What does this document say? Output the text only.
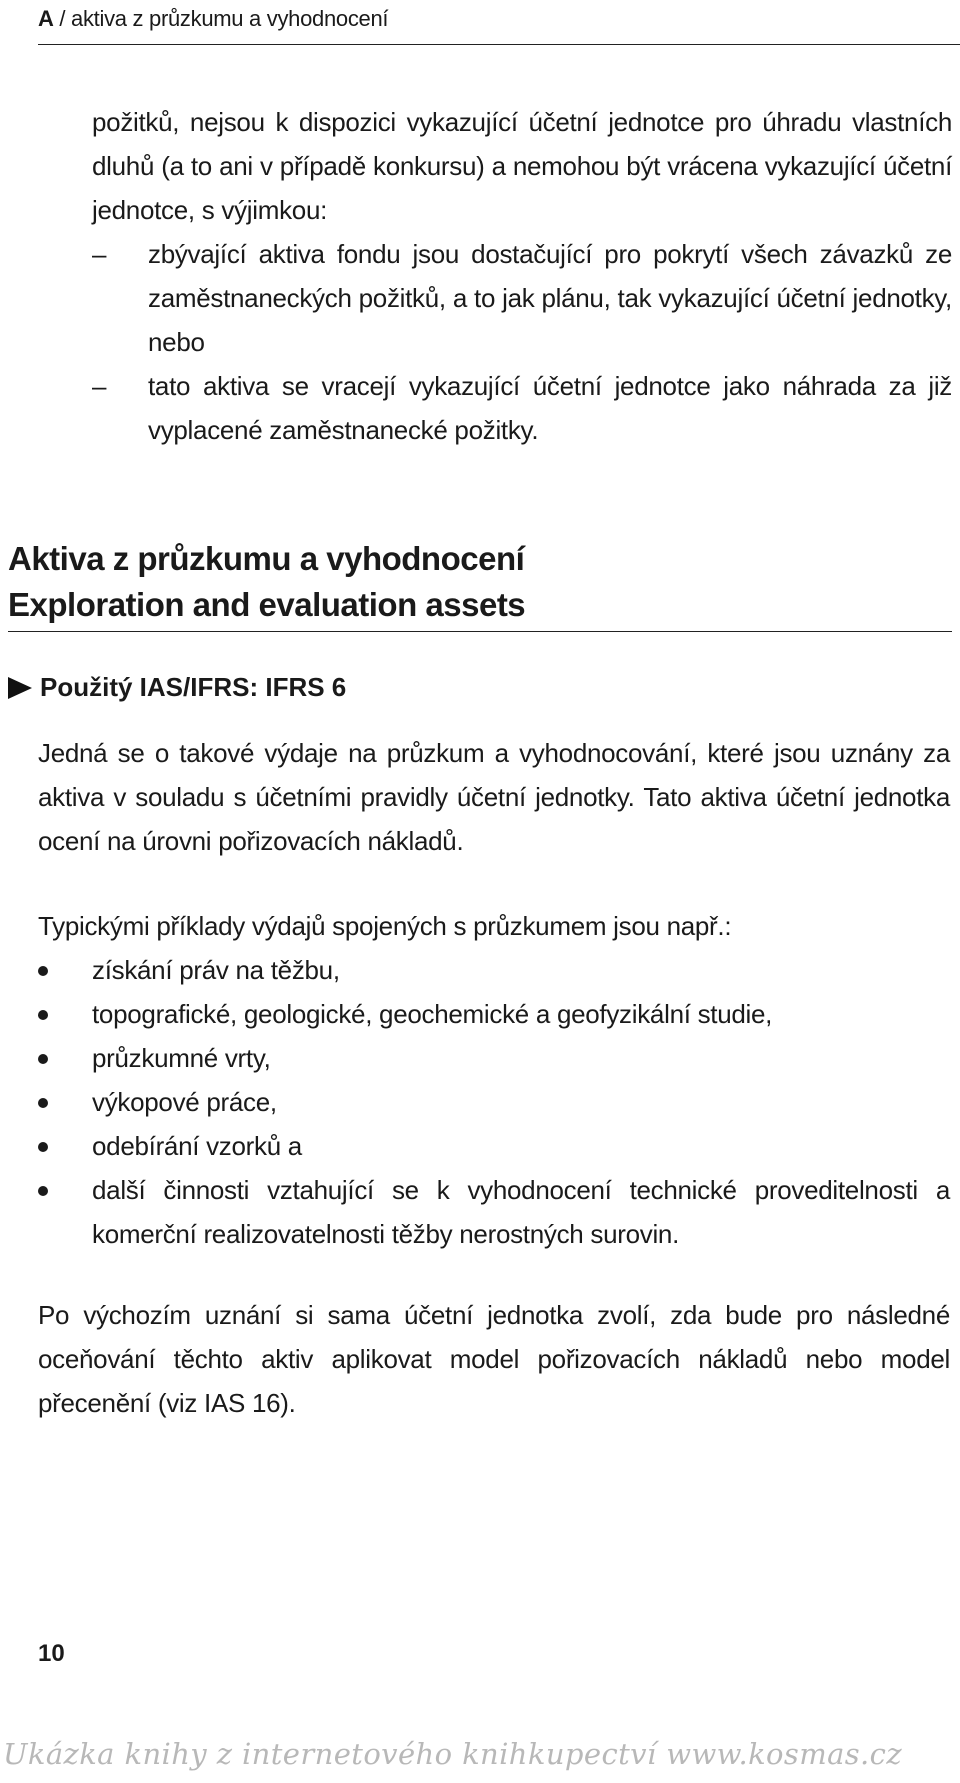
A / aktiva z průzkumu a vyhodnocení

požitků, nejsou k dispozici vykazující účetní jednotce pro úhradu vlastních dluhů (a to ani v případě konkursu) a nemohou být vrácena vykazující účetní jednotce, s výjimkou:

– zbývající aktiva fondu jsou dostačující pro pokrytí všech závazků ze zaměstnaneckých požitků, a to jak plánu, tak vykazující účetní jednotky, nebo
– tato aktiva se vracejí vykazující účetní jednotce jako náhrada za již vyplacené zaměstnanecké požitky.
Aktiva z průzkumu a vyhodnocení
Exploration and evaluation assets
Použitý IAS/IFRS: IFRS 6

Jedná se o takové výdaje na průzkum a vyhodnocování, které jsou uznány za aktiva v souladu s účetními pravidly účetní jednotky. Tato aktiva účetní jednotka ocení na úrovni pořizovacích nákladů.

Typickými příklady výdajů spojených s průzkumem jsou např.:

získání práv na těžbu,
topografické, geologické, geochemické a geofyzikální studie,
průzkumné vrty,
výkopové práce,
odebírání vzorků a
další činnosti vztahující se k vyhodnocení technické proveditelnosti a komerční realizovatelnosti těžby nerostných surovin.

Po výchozím uznání si sama účetní jednotka zvolí, zda bude pro následné oceňování těchto aktiv aplikovat model pořizovacích nákladů nebo model přecenění (viz IAS 16).

10
Ukázka knihy z internetového knihkupectví www.kosmas.cz
